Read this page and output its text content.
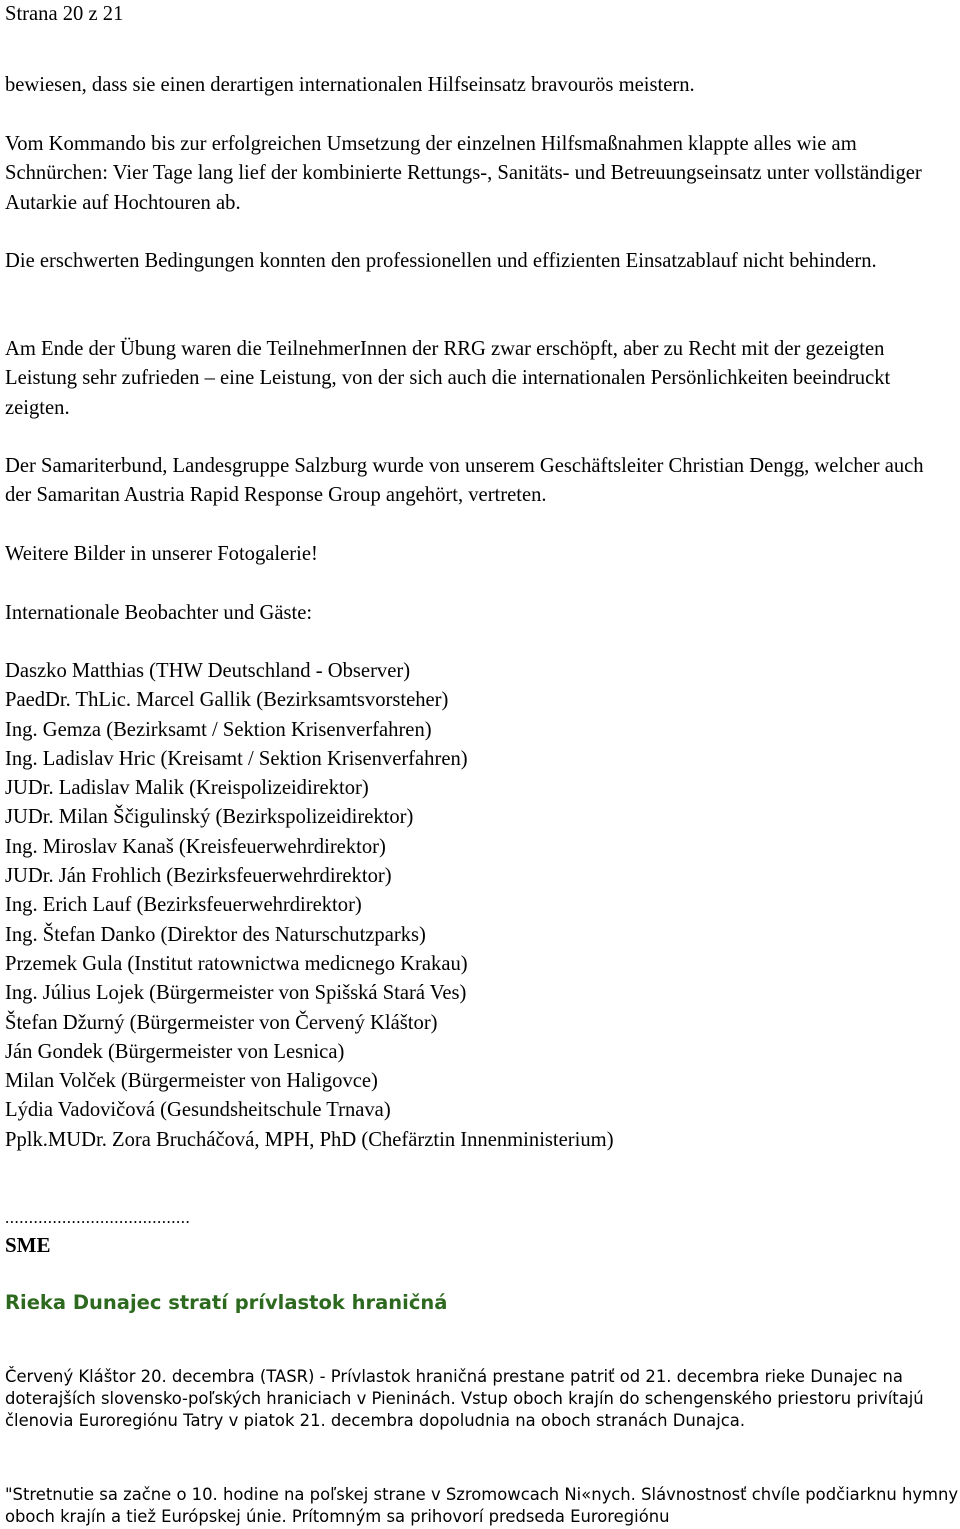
Strana 20 z 21

bewiesen, dass sie einen derartigen internationalen Hilfseinsatz bravourös meistern.

Vom Kommando bis zur erfolgreichen Umsetzung der einzelnen Hilfsmaßnahmen klappte alles wie am Schnürchen: Vier Tage lang lief der kombinierte Rettungs-, Sanitäts- und Betreuungseinsatz unter vollständiger Autarkie auf Hochtouren ab.

Die erschwerten Bedingungen konnten den professionellen und effizienten Einsatzablauf nicht behindern.

Am Ende der Übung waren die TeilnehmerInnen der RRG zwar erschöpft, aber zu Recht mit der gezeigten Leistung sehr zufrieden – eine Leistung, von der sich auch die internationalen Persönlichkeiten beeindruckt zeigten.

Der Samariterbund, Landesgruppe Salzburg wurde von unserem Geschäftsleiter Christian Dengg, welcher auch der Samaritan Austria Rapid Response Group angehört, vertreten.

Weitere Bilder in unserer Fotogalerie!

Internationale Beobachter und Gäste:

Daszko Matthias (THW Deutschland - Observer)
PaedDr. ThLic. Marcel Gallik (Bezirksamtsvorsteher)
Ing. Gemza (Bezirksamt / Sektion Krisenverfahren)
Ing. Ladislav Hric (Kreisamt / Sektion Krisenverfahren)
JUDr. Ladislav Malik (Kreispolizeidirektor)
JUDr. Milan Ščigulinský (Bezirkspolizeidirektor)
Ing. Miroslav Kanaš (Kreisfeuerwehrdirektor)
JUDr. Ján Frohlich (Bezirksfeuerwehrdirektor)
Ing. Erich Lauf (Bezirksfeuerwehrdirektor)
Ing. Štefan Danko (Direktor des Naturschutzparks)
Przemek Gula (Institut ratownictwa medicnego Krakau)
Ing. Július Lojek (Bürgermeister von Spišská Stará Ves)
Štefan Džurný (Bürgermeister von Červený Kláštor)
Ján Gondek (Bürgermeister von Lesnica)
Milan Volček (Bürgermeister von Haligovce)
Lýdia Vadovičová (Gesundsheitschule Trnava)
Pplk.MUDr. Zora Brucháčová, MPH, PhD (Chefärztin Innenministerium)
.......................................
SME
Rieka Dunajec stratí prívlastok hraničná

Červený Kláštor 20. decembra (TASR) - Prívlastok hraničná prestane patriť od 21. decembra rieke Dunajec na doterajších slovensko-poľských hraniciach v Pieninách. Vstup oboch krajín do schengenského priestoru privítajú členovia Euroregiónu Tatry v piatok 21. decembra dopoludnia na oboch stranách Dunajca.

"Stretnutie sa začne o 10. hodine na poľskej strane v Szromowcach Ni«nych. Slávnostnosť chvíle podčiarknu hymny oboch krajín a tiež Európskej únie. Prítomným sa prihovorí predseda Euroregiónu
